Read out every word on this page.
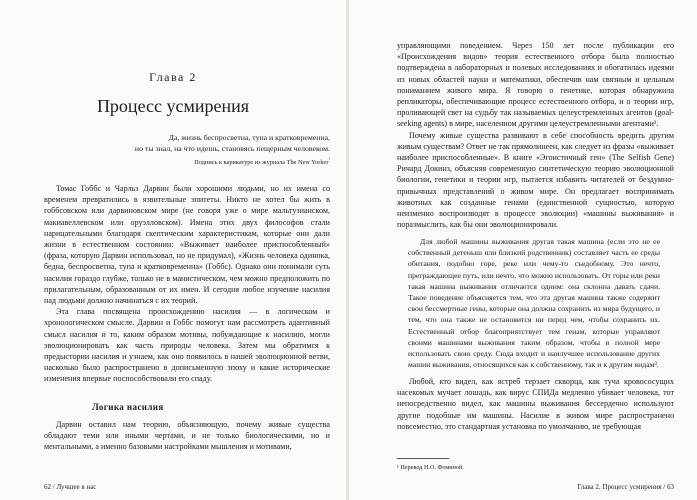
Глава 2

Процесс усмирения

Да, жизнь беспросветна, тупа и кратковременна,
но ты знал, на что идешь, становясь пещерным человеком.

Подпись к карикатуре из журнала The New Yorker$^{^1}$

Томас Гоббс и Чарльз Дарвин были хорошими людьми, но их имена со временем превратились в язвительные эпитеты. Никто не хотел бы жить в гоббсовском или дарвиновском мире (не говоря уже о мире мальтузианском, макиавеллевском или оруэлловском). Имена этих двух философов стали нарицательными благодаря скептическим характеристикам, которые они дали жизни в естественном состоянии: «Выживает наиболее приспособленный» (фраза, которую Дарвин использовал, но не придумал), «Жизнь человека одинока, бедна, беспросветна, тупа и кратковременна» (Гоббс). Однако они понимали суть насилия гораздо глубже, только не в манистическом, чем можно предположить по прилагательным, образованным от их имен. И сегодня любое изучение насилия над людьми должно начинаться с их теорий.

Эта глава посвящена происхождению насилия — в логическом и хронологическом смысле. Дарвин и Гоббс помогут нам рассмотреть адаптивный смысл насилия и то, каким образом мотивы, побуждающие к насилию, могли эволюционировать как часть природы человека. Затем мы обратимся к предыстории насилия и узнаем, как оно появилось в нашей эволюционной ветви, насколько было распространено в дописьменную эпоху и какие исторические изменения впервые поспособствовали его спаду.

Логика насилия

Дарвин оставил нам теорию, объясняющую, почему живые существа обладают теми или иными чертами, и не только биологическими, но и ментальными, а именно базовыми настройками мышления и мотивами,

62 / Лучшее в нас

управляющими поведением. Через 150 лет после публикации его «Происхождения видов» теория естественного отбора была полностью подтверждена в лабораторных и полевых исследованиях и обогатилась идеями из новых областей науки и математики, обеспечив нам связным и цельным пониманием живого мира. Я говорю о генетике, которая обнаружила репликаторы, обеспечивающие процесс естественного отбора, и о теории игр, проливающей свет на судьбу так называемых целеустремленных агентов (goal-seeking agents) в мире, населенном другими целеустремленными агентами².

Почему живые существа развивают в себе способность вредить другим живым существам? Ответ не так прямолинеен, как следует из фразы «выживает наиболее приспособленные». В книге «Эгоистичный ген» (The Selfish Gene) Ричард Докинз, объясняя современную синтетическую теорию эволюционной биологии, генетики и теории игр, пытается избавить читателей от бездумно-привычных представлений о живом мире. Он предлагает воспринимать животных как созданные генами (единственной сущностью, которую неизменно воспроизводят в процессе эволюции) «машины выживания» и поразмыслить, как бы они эволюционировали.

Для любой машины выживания другая такая машина (если это не ее собственный детеныш или близкий родственник) составляет часть ее среды обитания, подобно горе, реке или чему-то съедобному. Это нечто, преграждающее путь, или нечто, что можно использовать. От горы или реки такая машина выживания отличается одним: она склонна давать сдачи. Такое поведение объясняется тем, что эта другая машина также содержит свои бессмертные гены, которые она должна сохранить из мира будущего, и тем, что она также не остановится ни перед чем, чтобы сохранить их. Естественный отбор благоприятствует тем генам, которые управляют своими машинами выживания таким образом, чтобы в полной мере использовать свою среду. Сюда входит и наилучшее использование других машин выживания, относящихся как к собственному, так и к другим видам³.

Любой, кто видел, как ястреб терзает скворца, как туча кровососущих насекомых мучает лошадь, как вирус СПИДа медленно убивает человека, тот непосредственно видел, как машины выживания бессердечно используют другие подобные им машины. Насилие в живом мире распространено повсеместно, это стандартная установка по умолчанию, не требующая

¹ Перевод Н.О. Фоминой.

Глава 2. Процесс усмирения / 63
